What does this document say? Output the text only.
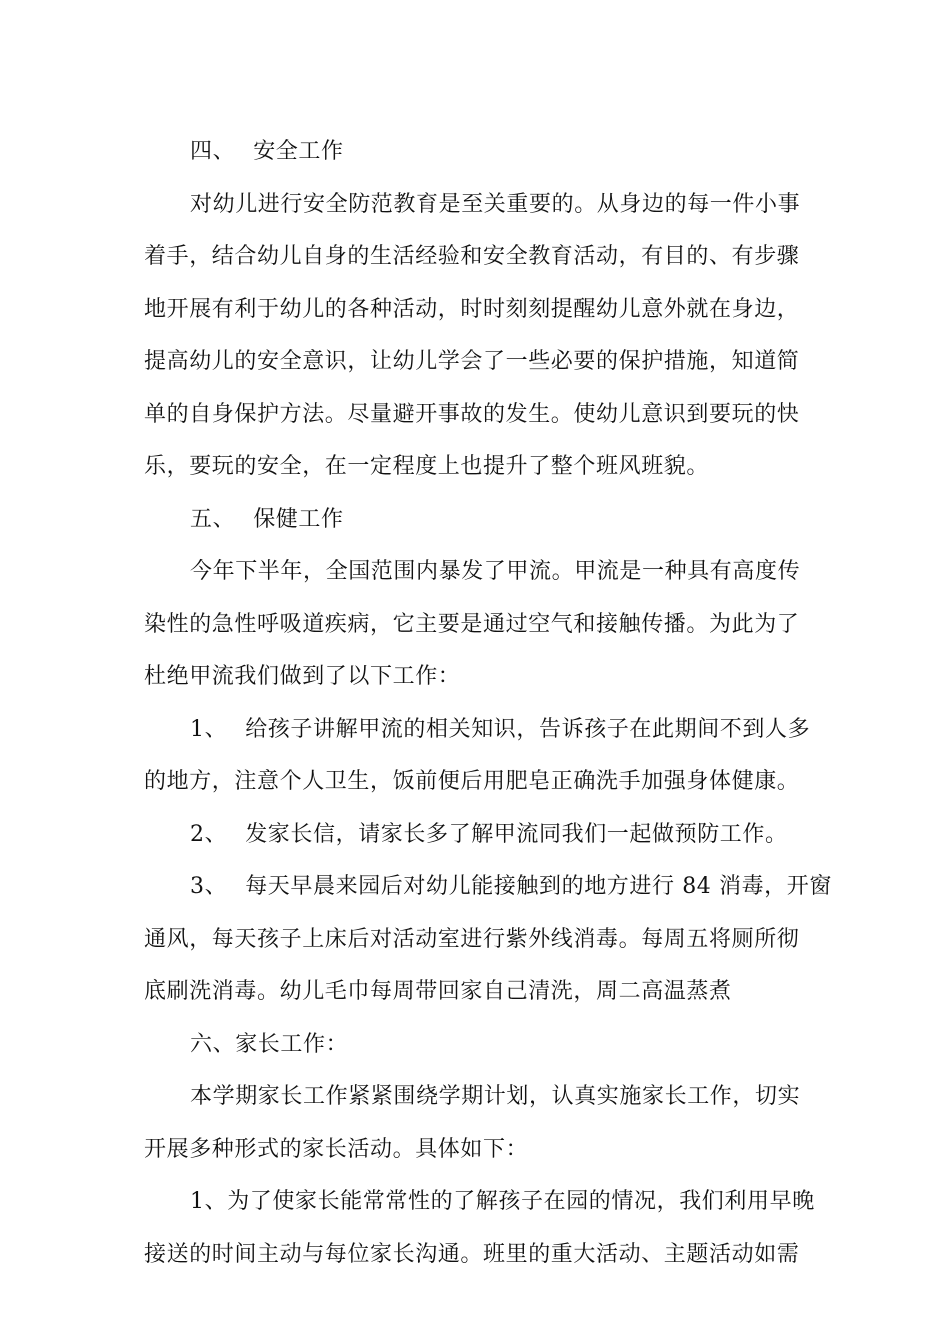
四、 安全工作
对幼儿进行安全防范教育是至关重要的。从身边的每一件小事
着手，结合幼儿自身的生活经验和安全教育活动，有目的、有步骤
地开展有利于幼儿的各种活动，时时刻刻提醒幼儿意外就在身边，
提高幼儿的安全意识，让幼儿学会了一些必要的保护措施，知道简
单的自身保护方法。尽量避开事故的发生。使幼儿意识到要玩的快
乐，要玩的安全，在一定程度上也提升了整个班风班貌。
五、 保健工作
今年下半年，全国范围内暴发了甲流。甲流是一种具有高度传
染性的急性呼吸道疾病，它主要是通过空气和接触传播。为此为了
杜绝甲流我们做到了以下工作：
1、 给孩子讲解甲流的相关知识，告诉孩子在此期间不到人多
的地方，注意个人卫生，饭前便后用肥皂正确洗手加强身体健康。
2、 发家长信，请家长多了解甲流同我们一起做预防工作。
3、 每天早晨来园后对幼儿能接触到的地方进行 84 消毒，开窗
通风，每天孩子上床后对活动室进行紫外线消毒。每周五将厕所彻
底刷洗消毒。幼儿毛巾每周带回家自己清洗，周二高温蒸煮
六、家长工作：
本学期家长工作紧紧围绕学期计划，认真实施家长工作，切实
开展多种形式的家长活动。具体如下：
1、为了使家长能常常性的了解孩子在园的情况，我们利用早晚
接送的时间主动与每位家长沟通。班里的重大活动、主题活动如需
